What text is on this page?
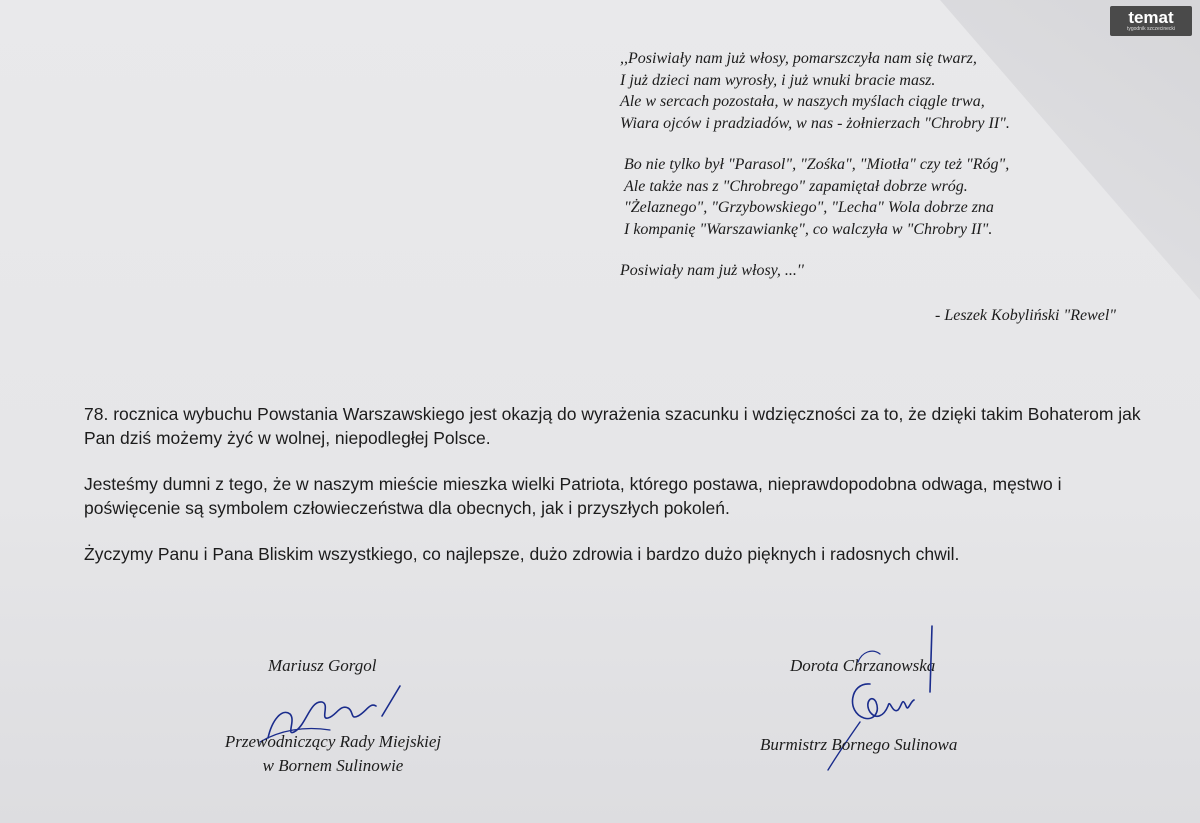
temat
tygodnik szczecinecki
,,Posiwiały nam już włosy, pomarszczyła nam się twarz,
I już dzieci nam wyrosły, i już wnuki bracie masz.
Ale w sercach pozostała, w naszych myślach ciągle trwa,
Wiara ojców i pradziadów, w nas - żołnierzach "Chrobry II".
Bo nie tylko był "Parasol", "Zośka", "Miotła" czy też "Róg",
Ale także nas z "Chrobrego" zapamiętał dobrze wróg.
"Żelaznego", "Grzybowskiego", "Lecha" Wola dobrze zna
I kompanię "Warszawiankę", co walczyła w "Chrobry II".
Posiwiały nam już włosy, ...''
- Leszek Kobyliński "Rewel"

78. rocznica wybuchu Powstania Warszawskiego jest okazją do wyrażenia szacunku i wdzięczności za to, że dzięki takim Bohaterom jak Pan dziś możemy żyć w wolnej, niepodległej Polsce.

Jesteśmy dumni z tego, że w naszym mieście mieszka wielki Patriota, którego postawa, nieprawdopodobna odwaga, męstwo i poświęcenie są symbolem człowieczeństwa dla obecnych, jak i przyszłych pokoleń.

Życzymy Panu i Pana Bliskim wszystkiego, co najlepsze, dużo zdrowia i bardzo dużo pięknych i radosnych chwil.

Mariusz Gorgol
Przewodniczący Rady Miejskiej
w Bornem Sulinowie
Dorota Chrzanowska
Burmistrz Bornego Sulinowa
